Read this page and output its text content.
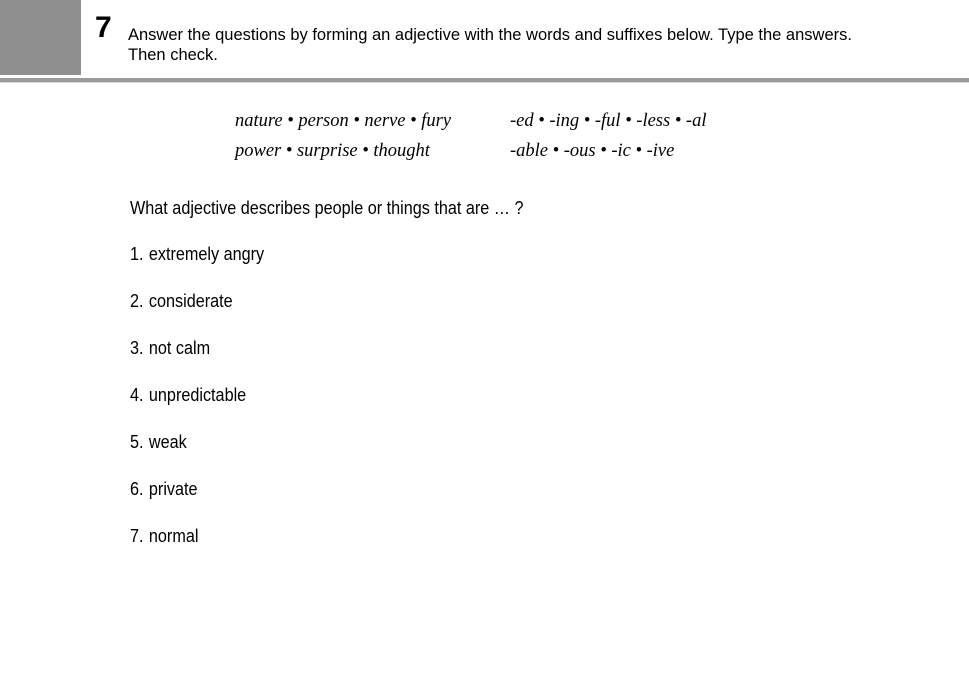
7 Answer the questions by forming an adjective with the words and suffixes below. Type the answers.
Then check.
nature • person • nerve • fury
power • surprise • thought
-ed • -ing • -ful • -less • -al
-able • -ous • -ic • -ive
What adjective describes people or things that are … ?
1. extremely angry
2. considerate
3. not calm
4. unpredictable
5. weak
6. private
7. normal
